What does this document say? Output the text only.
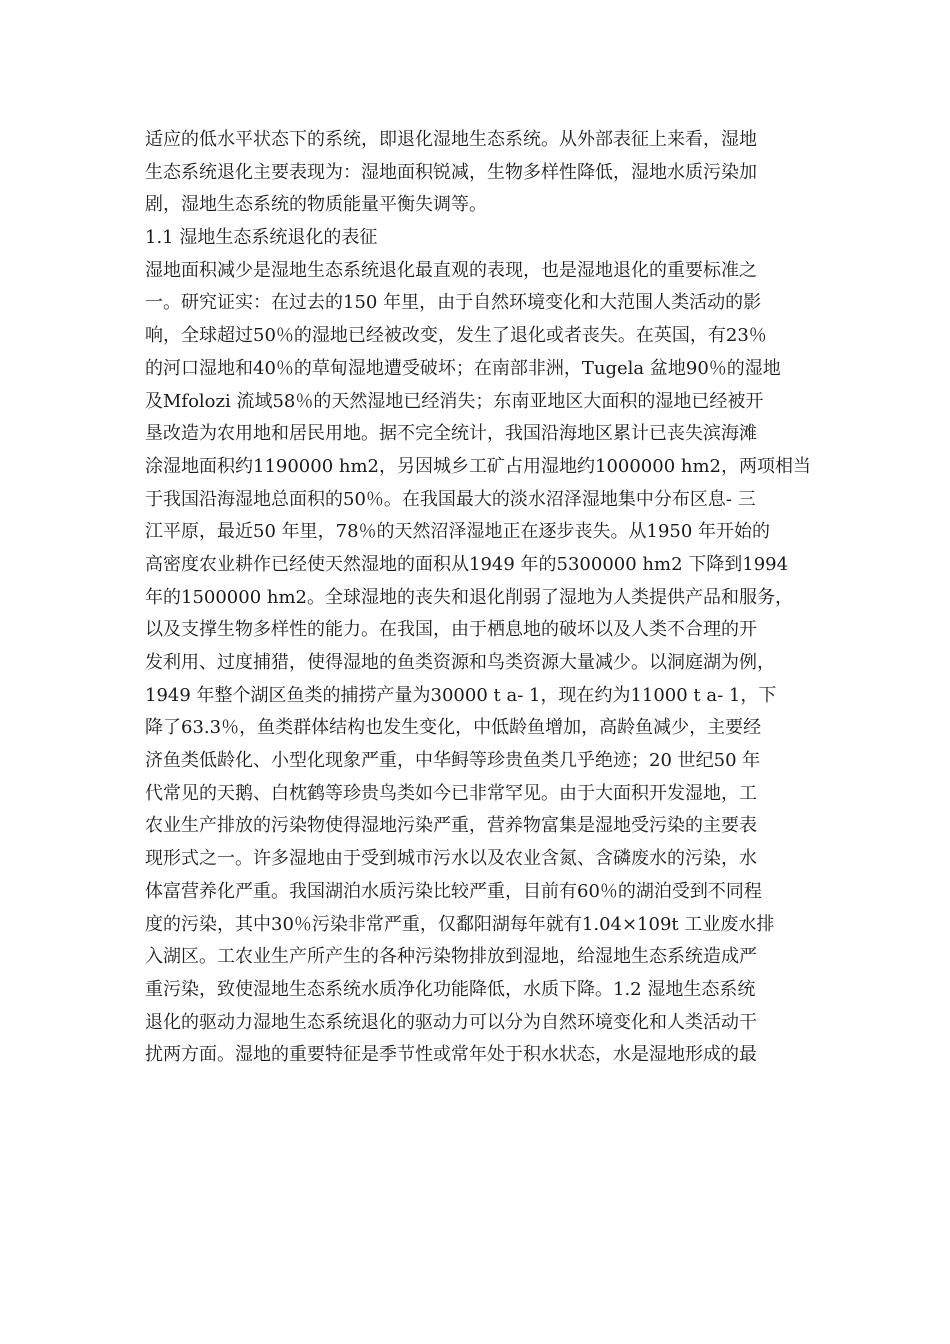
适应的低水平状态下的系统，即退化湿地生态系统。从外部表征上来看，湿地
生态系统退化主要表现为：湿地面积锐减，生物多样性降低，湿地水质污染加
剧，湿地生态系统的物质能量平衡失调等。
1.1 湿地生态系统退化的表征
湿地面积减少是湿地生态系统退化最直观的表现，也是湿地退化的重要标准之
一。研究证实：在过去的150 年里，由于自然环境变化和大范围人类活动的影
响，全球超过50％的湿地已经被改变，发生了退化或者丧失。在英国，有23％
的河口湿地和40％的草甸湿地遭受破坏；在南部非洲，Tugela 盆地90％的湿地
及Mfolozi 流域58％的天然湿地已经消失；东南亚地区大面积的湿地已经被开
垦改造为农用地和居民用地。据不完全统计，我国沿海地区累计已丧失滨海滩
涂湿地面积约1190000 hm2，另因城乡工矿占用湿地约1000000 hm2，两项相当
于我国沿海湿地总面积的50％。在我国最大的淡水沼泽湿地集中分布区息- 三
江平原，最近50 年里，78％的天然沼泽湿地正在逐步丧失。从1950 年开始的
高密度农业耕作已经使天然湿地的面积从1949 年的5300000 hm2 下降到1994
年的1500000 hm2。全球湿地的丧失和退化削弱了湿地为人类提供产品和服务，
以及支撑生物多样性的能力。在我国，由于栖息地的破坏以及人类不合理的开
发利用、过度捕猎，使得湿地的鱼类资源和鸟类资源大量减少。以洞庭湖为例，
1949 年整个湖区鱼类的捕捞产量为30000 t a- 1，现在约为11000 t a- 1，下
降了63.3％，鱼类群体结构也发生变化，中低龄鱼增加，高龄鱼减少，主要经
济鱼类低龄化、小型化现象严重，中华鲟等珍贵鱼类几乎绝迹；20 世纪50 年
代常见的天鹅、白枕鹤等珍贵鸟类如今已非常罕见。由于大面积开发湿地，工
农业生产排放的污染物使得湿地污染严重，营养物富集是湿地受污染的主要表
现形式之一。许多湿地由于受到城市污水以及农业含氮、含磷废水的污染，水
体富营养化严重。我国湖泊水质污染比较严重，目前有60％的湖泊受到不同程
度的污染，其中30％污染非常严重，仅鄱阳湖每年就有1.04×109t 工业废水排
入湖区。工农业生产所产生的各种污染物排放到湿地，给湿地生态系统造成严
重污染，致使湿地生态系统水质净化功能降低，水质下降。1.2 湿地生态系统
退化的驱动力湿地生态系统退化的驱动力可以分为自然环境变化和人类活动干
扰两方面。湿地的重要特征是季节性或常年处于积水状态，水是湿地形成的最
